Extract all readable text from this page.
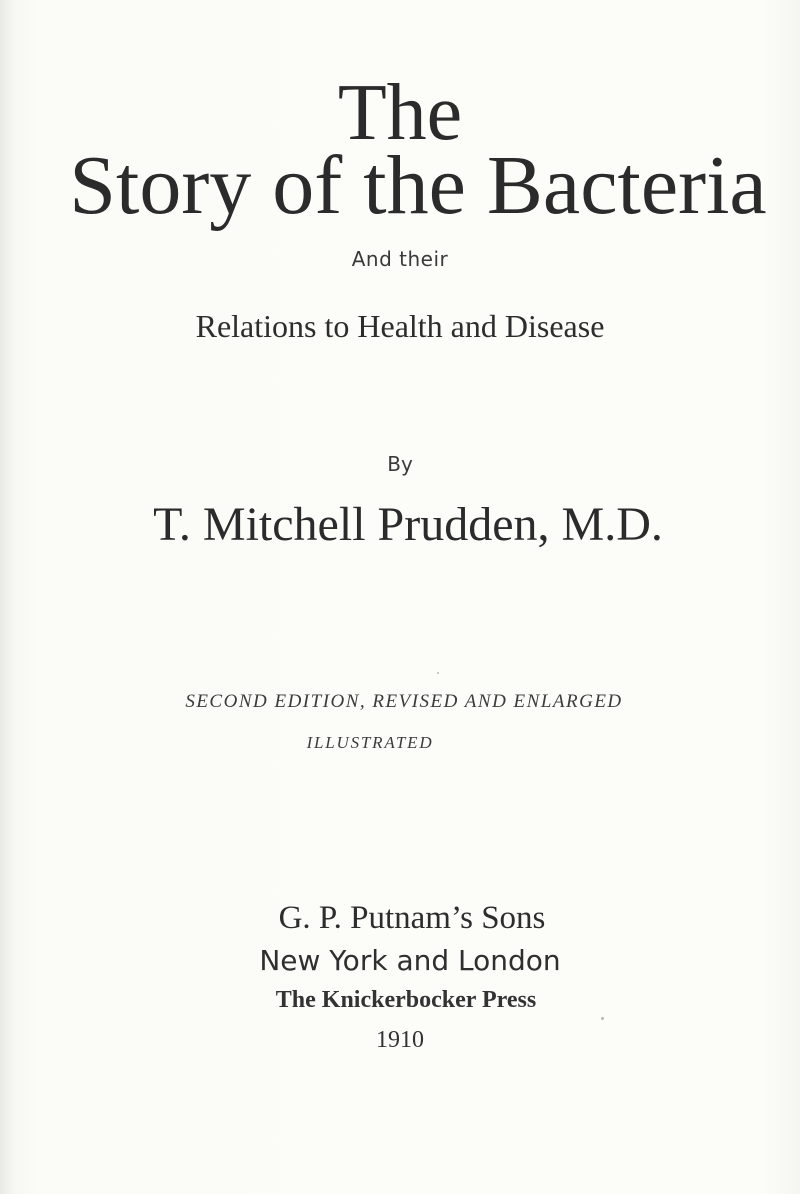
The
Story of the Bacteria
And their
Relations to Health and Disease
By
T. Mitchell Prudden, M.D.
SECOND EDITION, REVISED AND ENLARGED
ILLUSTRATED
G. P. Putnam’s Sons
New York and London
The Knickerbocker Press
1910
